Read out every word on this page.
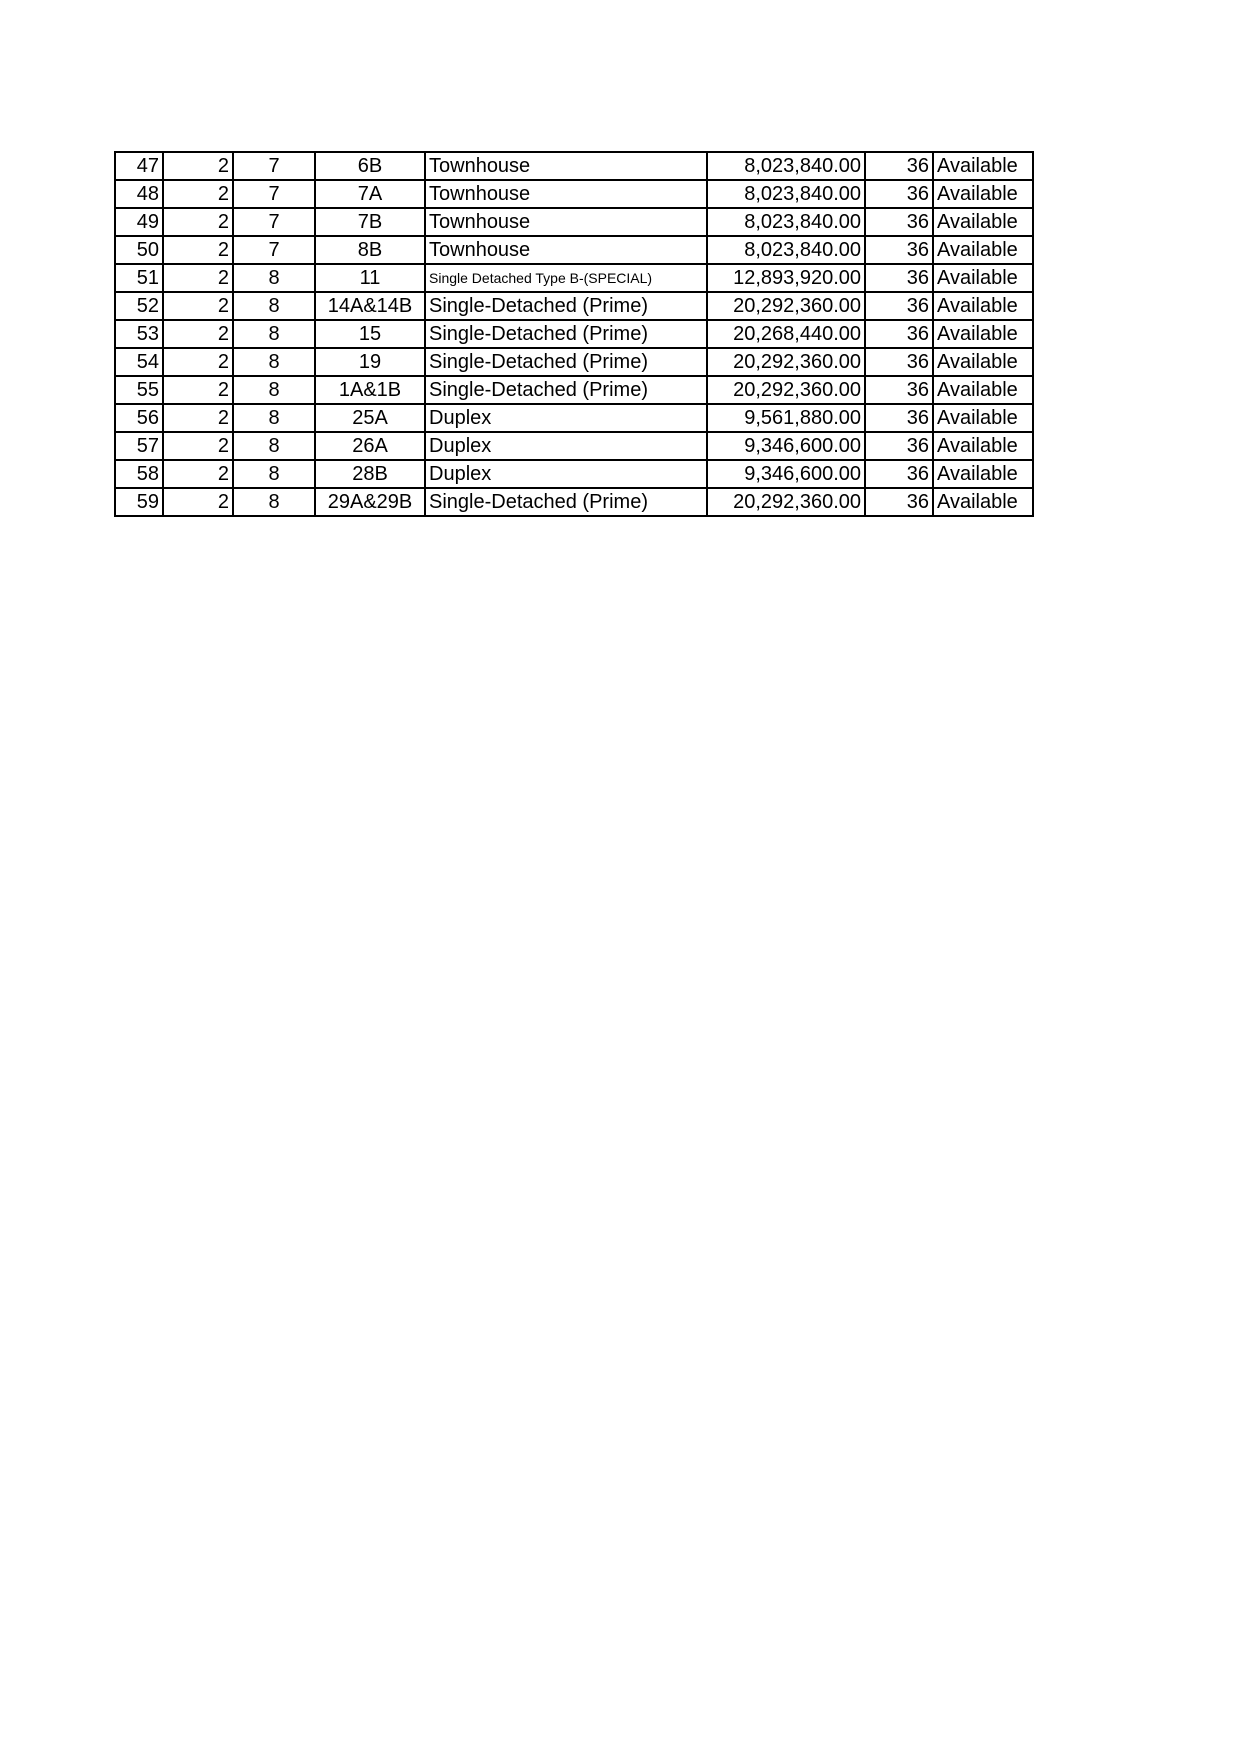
47	2	7	6B	Townhouse	8,023,840.00	36	Available
48	2	7	7A	Townhouse	8,023,840.00	36	Available
49	2	7	7B	Townhouse	8,023,840.00	36	Available
50	2	7	8B	Townhouse	8,023,840.00	36	Available
51	2	8	11	Single Detached Type B-(SPECIAL)	12,893,920.00	36	Available
52	2	8	14A&14B	Single-Detached (Prime)	20,292,360.00	36	Available
53	2	8	15	Single-Detached (Prime)	20,268,440.00	36	Available
54	2	8	19	Single-Detached (Prime)	20,292,360.00	36	Available
55	2	8	1A&1B	Single-Detached (Prime)	20,292,360.00	36	Available
56	2	8	25A	Duplex	9,561,880.00	36	Available
57	2	8	26A	Duplex	9,346,600.00	36	Available
58	2	8	28B	Duplex	9,346,600.00	36	Available
59	2	8	29A&29B	Single-Detached (Prime)	20,292,360.00	36	Available
